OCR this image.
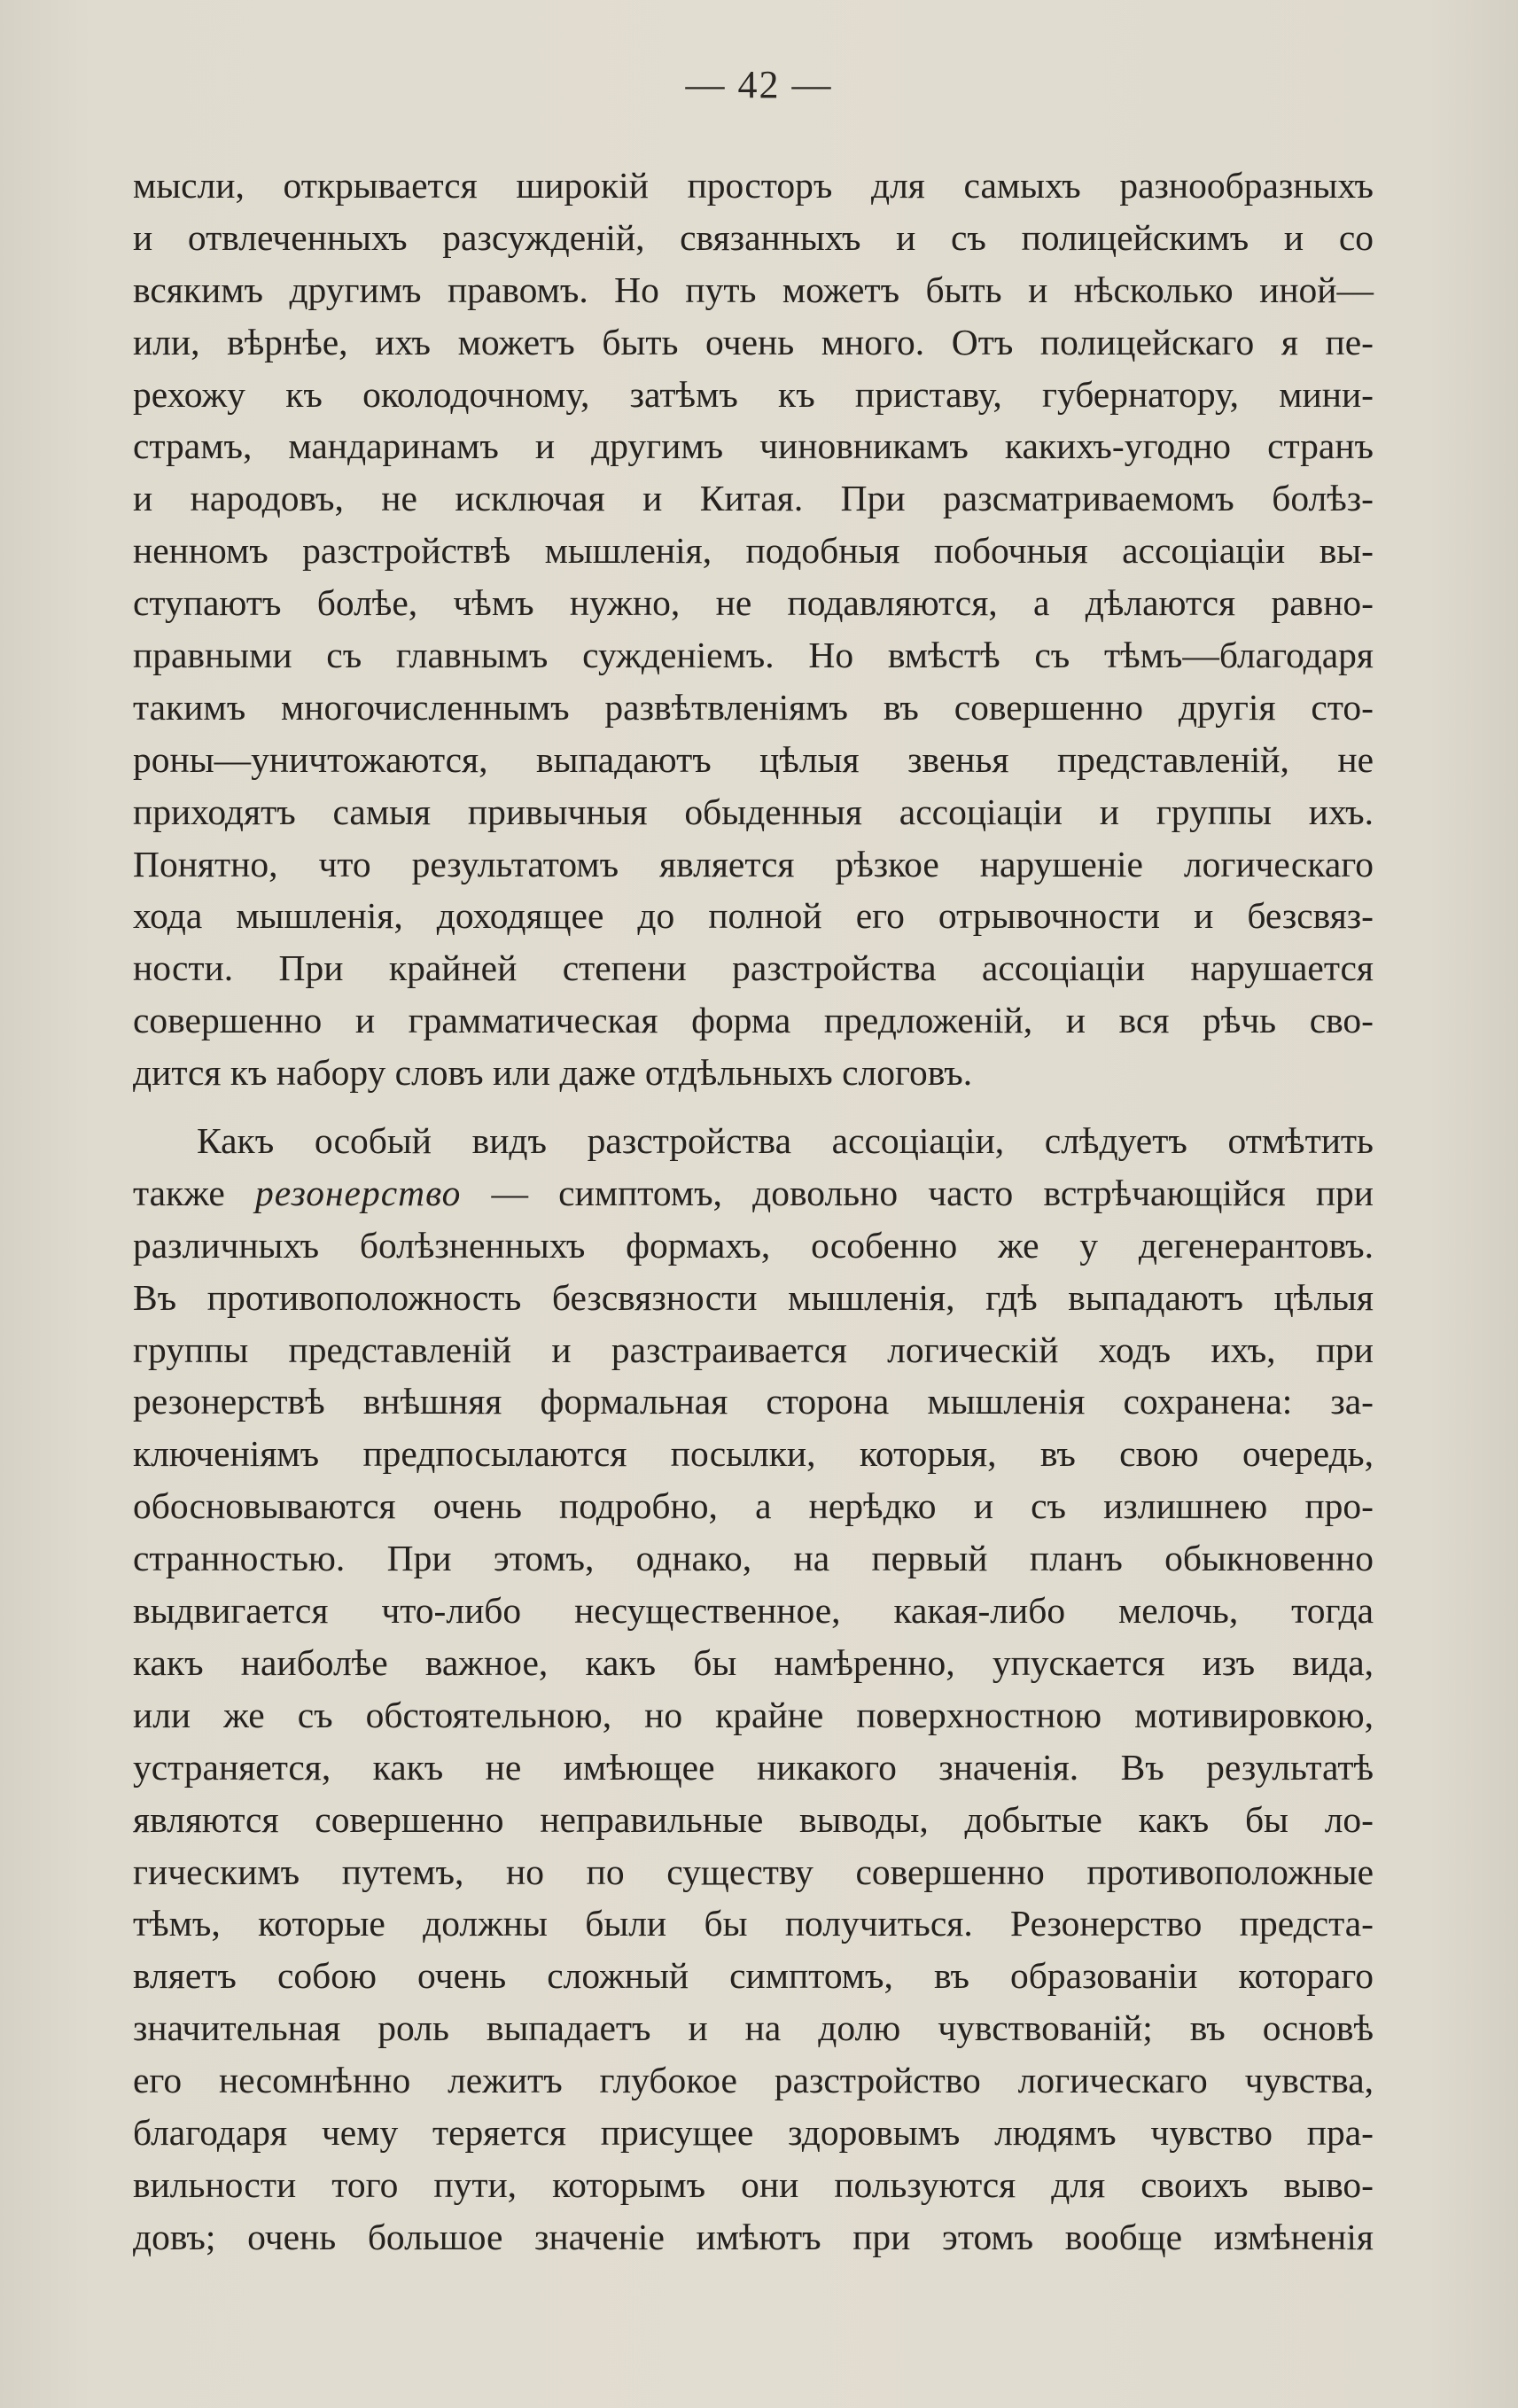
— 42 —
мысли, открывается широкій просторъ для самыхъ разнообразныхъ
и отвлеченныхъ разсужденій, связанныхъ и съ полицейскимъ и со
всякимъ другимъ правомъ. Но путь можетъ быть и нѣсколько иной—
или, вѣрнѣе, ихъ можетъ быть очень много. Отъ полицейскаго я пе-
рехожу къ околодочному, затѣмъ къ приставу, губернатору, мини-
страмъ, мандаринамъ и другимъ чиновникамъ какихъ-угодно странъ
и народовъ, не исключая и Китая. При разсматриваемомъ болѣз-
ненномъ разстройствѣ мышленія, подобныя побочныя ассоціаціи вы-
ступаютъ болѣе, чѣмъ нужно, не подавляются, а дѣлаются равно-
правными съ главнымъ сужденіемъ. Но вмѣстѣ съ тѣмъ—благодаря
такимъ многочисленнымъ развѣтвленіямъ въ совершенно другія сто-
роны—уничтожаются, выпадаютъ цѣлыя звенья представленій, не
приходятъ самыя привычныя обыденныя ассоціаціи и группы ихъ.
Понятно, что результатомъ является рѣзкое нарушеніе логическаго
хода мышленія, доходящее до полной его отрывочности и безсвяз-
ности. При крайней степени разстройства ассоціаціи нарушается
совершенно и грамматическая форма предложеній, и вся рѣчь сво-
дится къ набору словъ или даже отдѣльныхъ слоговъ.
Какъ особый видъ разстройства ассоціаціи, слѣдуетъ отмѣтить
также резонерство — симптомъ, довольно часто встрѣчающійся при
различныхъ болѣзненныхъ формахъ, особенно же у дегенерантовъ.
Въ противоположность безсвязности мышленія, гдѣ выпадаютъ цѣлыя
группы представленій и разстраивается логическій ходъ ихъ, при
резонерствѣ внѣшняя формальная сторона мышленія сохранена: за-
ключеніямъ предпосылаются посылки, которыя, въ свою очередь,
обосновываются очень подробно, а нерѣдко и съ излишнею про-
странностью. При этомъ, однако, на первый планъ обыкновенно
выдвигается что-либо несущественное, какая-либо мелочь, тогда
какъ наиболѣе важное, какъ бы намѣренно, упускается изъ вида,
или же съ обстоятельною, но крайне поверхностною мотивировкою,
устраняется, какъ не имѣющее никакого значенія. Въ результатѣ
являются совершенно неправильные выводы, добытые какъ бы ло-
гическимъ путемъ, но по существу совершенно противоположные
тѣмъ, которые должны были бы получиться. Резонерство предста-
вляетъ собою очень сложный симптомъ, въ образованіи котораго
значительная роль выпадаетъ и на долю чувствованій; въ основѣ
его несомнѣнно лежитъ глубокое разстройство логическаго чувства,
благодаря чему теряется присущее здоровымъ людямъ чувство пра-
вильности того пути, которымъ они пользуются для своихъ выво-
довъ; очень большое значеніе имѣютъ при этомъ вообще измѣненія
